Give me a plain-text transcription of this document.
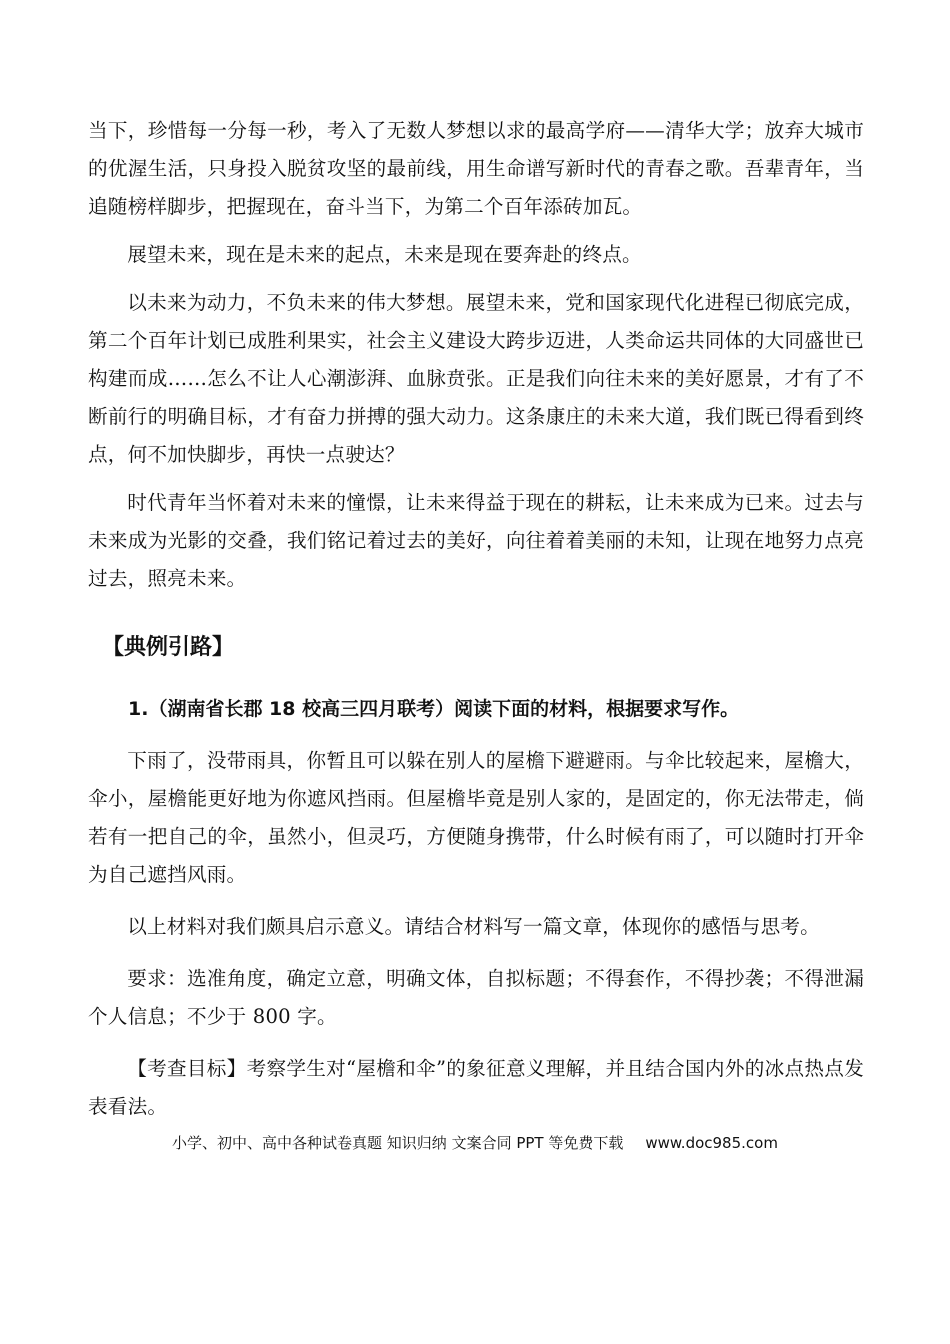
当下，珍惜每一分每一秒，考入了无数人梦想以求的最高学府——清华大学；放弃大城市的优渥生活，只身投入脱贫攻坚的最前线，用生命谱写新时代的青春之歌。吾辈青年，当追随榜样脚步，把握现在，奋斗当下，为第二个百年添砖加瓦。

展望未来，现在是未来的起点，未来是现在要奔赴的终点。

以未来为动力，不负未来的伟大梦想。展望未来，党和国家现代化进程已彻底完成，第二个百年计划已成胜利果实，社会主义建设大跨步迈进，人类命运共同体的大同盛世已构建而成……怎么不让人心潮澎湃、血脉贲张。正是我们向往未来的美好愿景，才有了不断前行的明确目标，才有奋力拼搏的强大动力。这条康庄的未来大道，我们既已得看到终点，何不加快脚步，再快一点驶达？

时代青年当怀着对未来的憧憬，让未来得益于现在的耕耘，让未来成为已来。过去与未来成为光影的交叠，我们铭记着过去的美好，向往着着美丽的未知，让现在地努力点亮过去，照亮未来。

【典例引路】
1.（湖南省长郡 18 校高三四月联考）阅读下面的材料，根据要求写作。

下雨了，没带雨具，你暂且可以躲在别人的屋檐下避避雨。与伞比较起来，屋檐大，伞小，屋檐能更好地为你遮风挡雨。但屋檐毕竟是别人家的，是固定的，你无法带走，倘若有一把自己的伞，虽然小，但灵巧，方便随身携带，什么时候有雨了，可以随时打开伞为自己遮挡风雨。

以上材料对我们颇具启示意义。请结合材料写一篇文章，体现你的感悟与思考。

要求：选准角度，确定立意，明确文体，自拟标题；不得套作，不得抄袭；不得泄漏个人信息；不少于 800 字。

【考查目标】考察学生对“屋檐和伞”的象征意义理解，并且结合国内外的冰点热点发表看法。

小学、初中、高中各种试卷真题 知识归纳 文案合同 PPT 等免费下载 www.doc985.com
